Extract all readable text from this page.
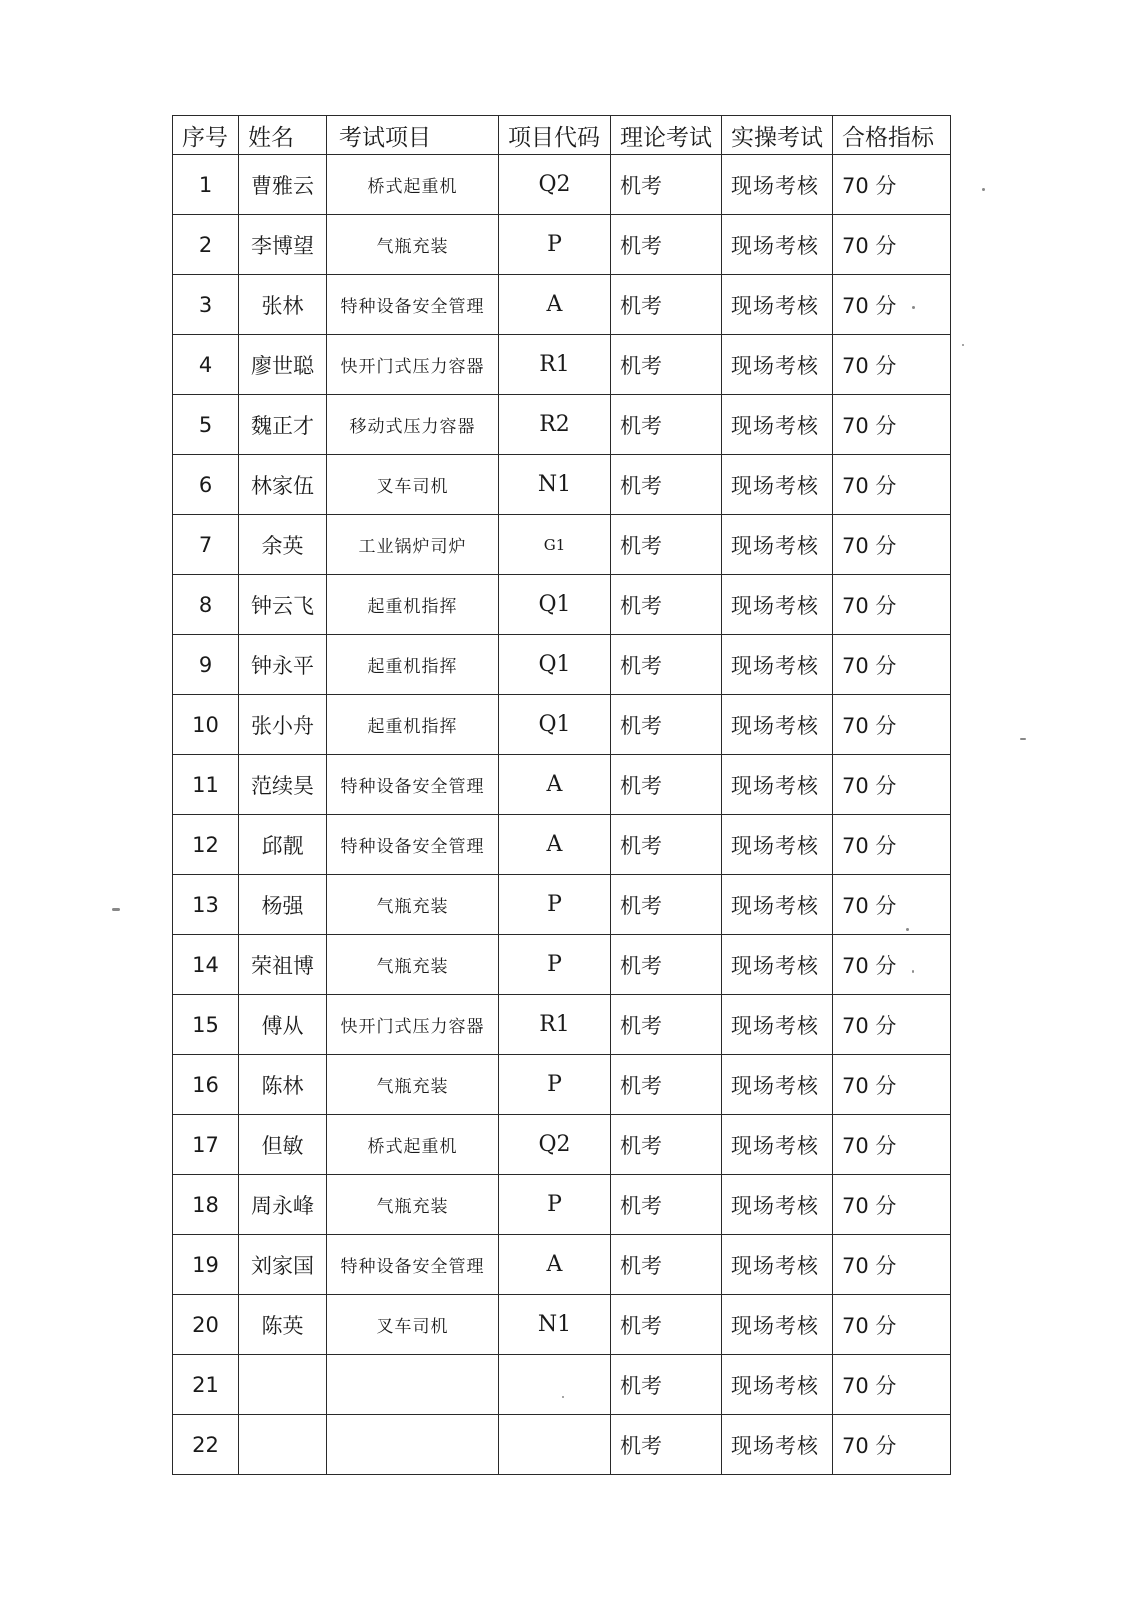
序号	姓名	考试项目	项目代码	理论考试	实操考试	合格指标
1	曹雅云	桥式起重机	Q2	机考	现场考核	70 分
2	李博望	气瓶充装	P	机考	现场考核	70 分
3	张林	特种设备安全管理	A	机考	现场考核	70 分
4	廖世聪	快开门式压力容器	R1	机考	现场考核	70 分
5	魏正才	移动式压力容器	R2	机考	现场考核	70 分
6	林家伍	叉车司机	N1	机考	现场考核	70 分
7	余英	工业锅炉司炉	G1	机考	现场考核	70 分
8	钟云飞	起重机指挥	Q1	机考	现场考核	70 分
9	钟永平	起重机指挥	Q1	机考	现场考核	70 分
10	张小舟	起重机指挥	Q1	机考	现场考核	70 分
11	范续昊	特种设备安全管理	A	机考	现场考核	70 分
12	邱靓	特种设备安全管理	A	机考	现场考核	70 分
13	杨强	气瓶充装	P	机考	现场考核	70 分
14	荣祖博	气瓶充装	P	机考	现场考核	70 分
15	傅从	快开门式压力容器	R1	机考	现场考核	70 分
16	陈林	气瓶充装	P	机考	现场考核	70 分
17	但敏	桥式起重机	Q2	机考	现场考核	70 分
18	周永峰	气瓶充装	P	机考	现场考核	70 分
19	刘家国	特种设备安全管理	A	机考	现场考核	70 分
20	陈英	叉车司机	N1	机考	现场考核	70 分
21				机考	现场考核	70 分
22				机考	现场考核	70 分
